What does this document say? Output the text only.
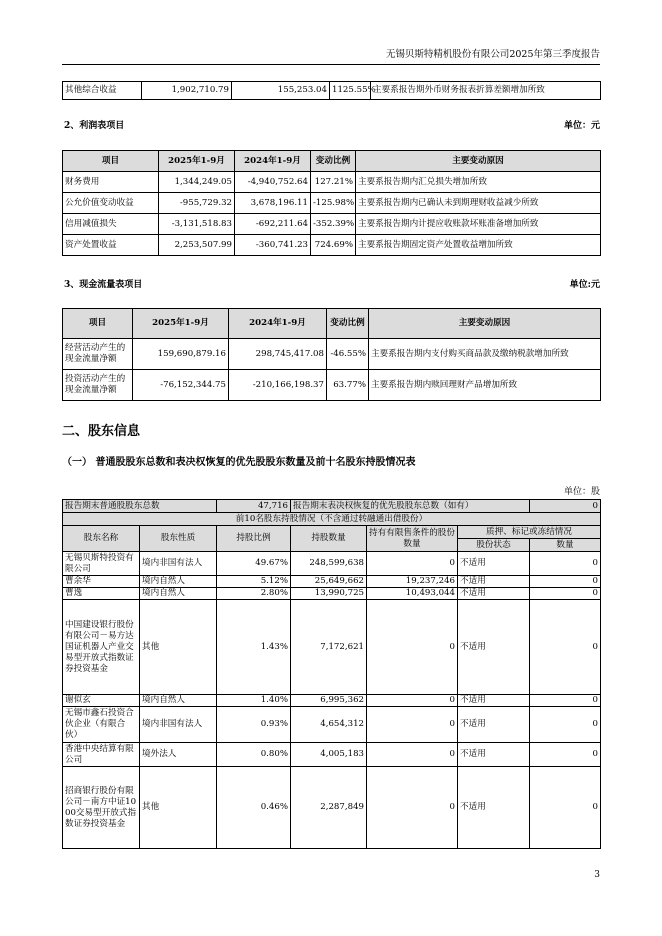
无锡贝斯特精机股份有限公司2025年第三季度报告
其他综合收益	1,902,710.79	155,253.04	1125.55%	主要系报告期外币财务报表折算差额增加所致
2、利润表项目	单位：元
项目	2025年1-9月	2024年1-9月	变动比例	主要变动原因
财务费用	1,344,249.05	-4,940,752.64	127.21%	主要系报告期内汇兑损失增加所致
公允价值变动收益	-955,729.32	3,678,196.11	-125.98%	主要系报告期内已确认未到期理财收益减少所致
信用减值损失	-3,131,518.83	-692,211.64	-352.39%	主要系报告期内计提应收账款坏账准备增加所致
资产处置收益	2,253,507.99	-360,741.23	724.69%	主要系报告期固定资产处置收益增加所致
3、现金流量表项目	单位:元
项目	2025年1-9月	2024年1-9月	变动比例	主要变动原因
经营活动产生的现金流量净额	159,690,879.16	298,745,417.08	-46.55%	主要系报告期内支付购买商品款及缴纳税款增加所致
投资活动产生的现金流量净额	-76,152,344.75	-210,166,198.37	63.77%	主要系报告期内赎回理财产品增加所致
二、股东信息
（一） 普通股股东总数和表决权恢复的优先股股东数量及前十名股东持股情况表
单位：股
报告期末普通股股东总数		47,716	报告期末表决权恢复的优先股股东总数（如有）			0
前10名股东持股情况（不含通过转融通出借股份）						
股东名称	股东性质	持股比例	持股数量	持有有限售条件的股份数量	质押、标记或冻结情况	
					股份状态	数量
无锡贝斯特投资有限公司	境内非国有法人	49.67%	248,599,638	0	不适用	0
曹余华	境内自然人	5.12%	25,649,662	19,237,246	不适用	0
曹逸	境内自然人	2.80%	13,990,725	10,493,044	不适用	0
中国建设银行股份有限公司－易方达国证机器人产业交易型开放式指数证券投资基金	其他	1.43%	7,172,621	0	不适用	0
谢似玄	境内自然人	1.40%	6,995,362	0	不适用	0
无锡市鑫石投资合伙企业（有限合伙）	境内非国有法人	0.93%	4,654,312	0	不适用	0
香港中央结算有限公司	境外法人	0.80%	4,005,183	0	不适用	0
招商银行股份有限公司－南方中证1000交易型开放式指数证券投资基金	其他	0.46%	2,287,849	0	不适用	0
3
